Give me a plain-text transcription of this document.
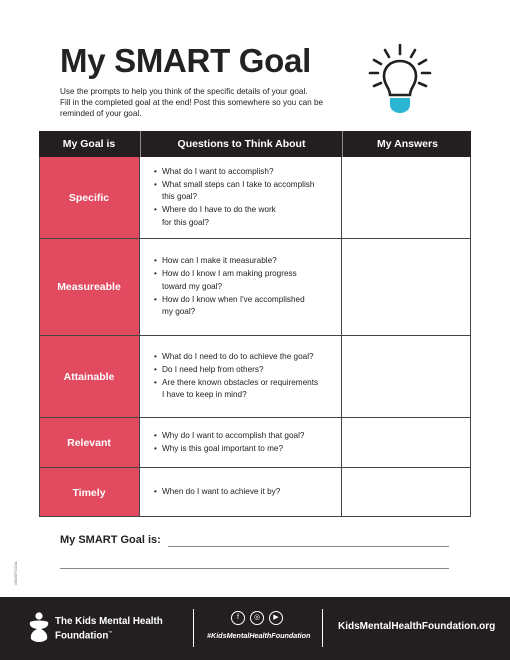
My SMART Goal

Use the prompts to help you think of the specific details of your goal.

Fill in the completed goal at the end! Post this somewhere so you can be

reminded of your goal.

My Goal is	Questions to Think About	My Answers
Specific
• What do I want to accomplish?
• What small steps can I take to accomplish
this goal?
• Where do I have to do the work
for this goal?
Measureable
• How can I make it measurable?
• How do I know I am making progress
toward my goal?
• How do I know when I've accomplished
my goal?
Attainable
• What do I need to do to achieve the goal?
• Do I need help from others?
• Are there known obstacles or requirements
I have to keep in mind?
Relevant
• Why do I want to accomplish that goal?
• Why is this goal important to me?
Timely
•	When do I want to achieve it by?
My SMART Goal is:
#SMARTGOAL
The Kids Mental Health
Foundation™
f	◎	▶
#KidsMentalHealthFoundation
KidsMentalHealthFoundation.org
